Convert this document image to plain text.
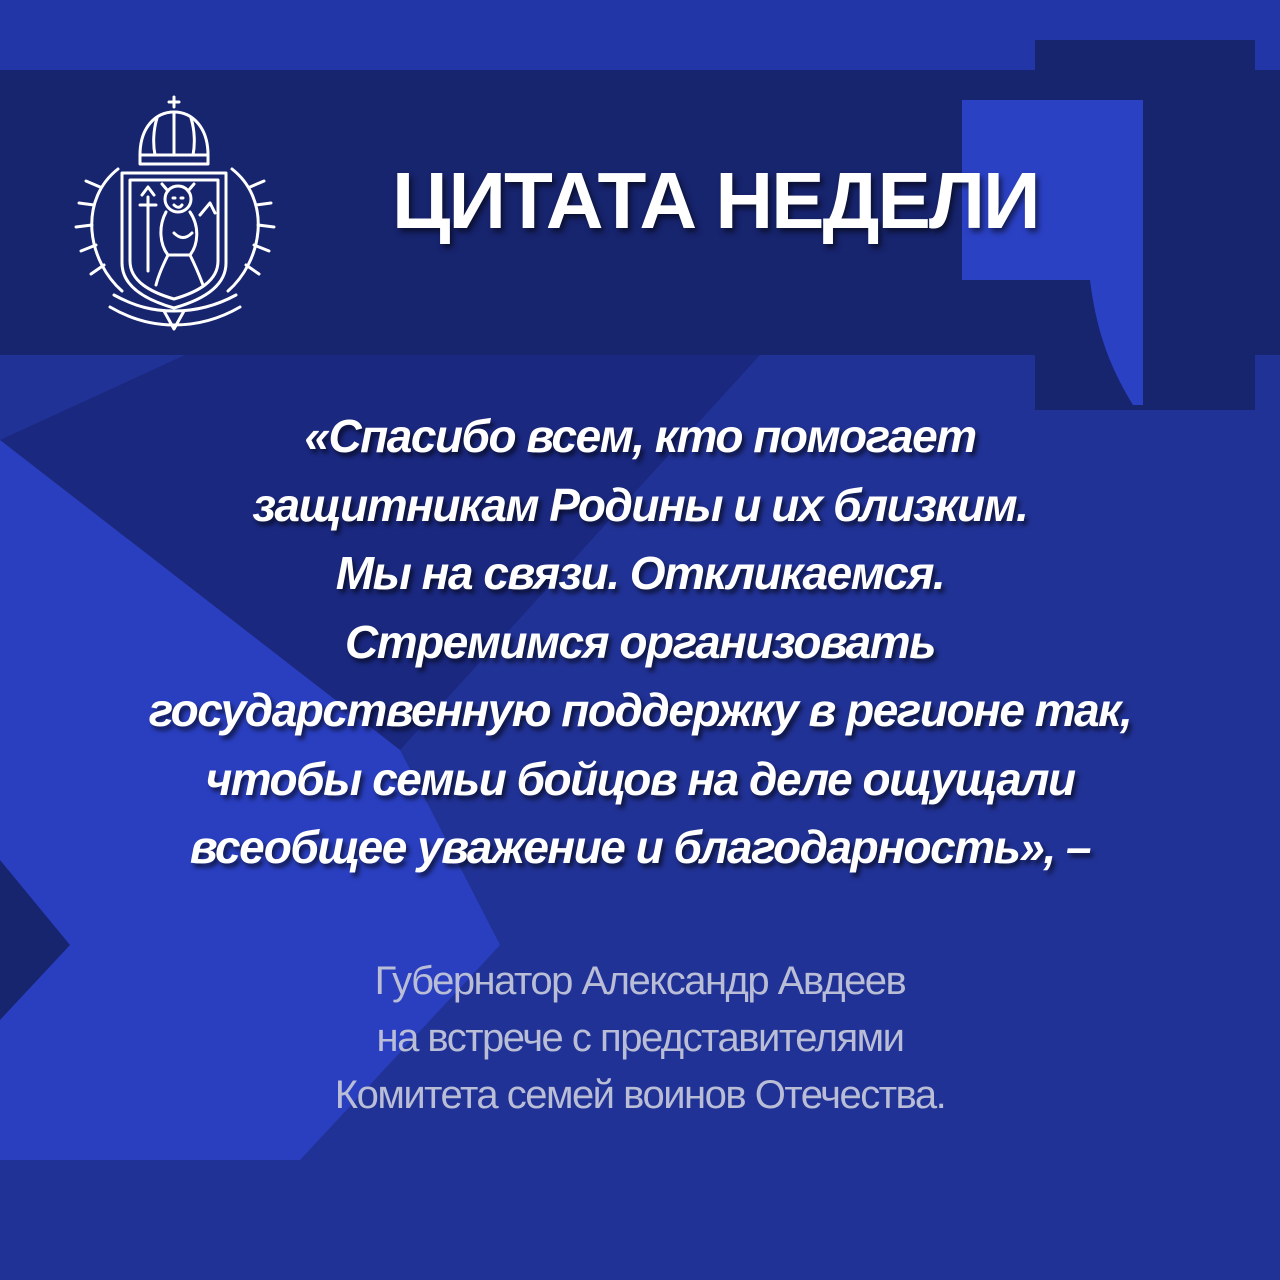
ЦИТАТА НЕДЕЛИ
«Спасибо всем, кто помогает
защитникам Родины и их близким.
Мы на связи. Откликаемся.
Стремимся организовать
государственную поддержку в регионе так,
чтобы семьи бойцов на деле ощущали
всеобщее уважение и благодарность», –
Губернатор Александр Авдеев
на встрече с представителями
Комитета семей воинов Отечества.
